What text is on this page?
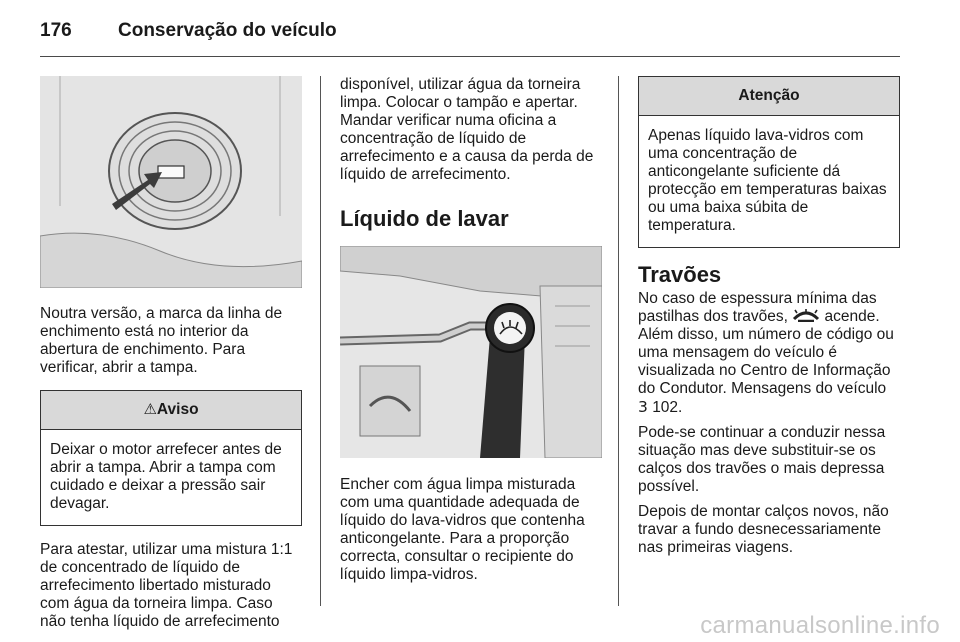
176 Conservação do veículo

Noutra versão, a marca da linha de enchimento está no interior da abertura de enchimento. Para verificar, abrir a tampa.

⚠Aviso

Deixar o motor arrefecer antes de abrir a tampa. Abrir a tampa com cuidado e deixar a pressão sair devagar.

Para atestar, utilizar uma mistura 1:1 de concentrado de líquido de arrefecimento libertado misturado com água da torneira limpa. Caso não tenha líquido de arrefecimento

disponível, utilizar água da torneira limpa. Colocar o tampão e apertar. Mandar verificar numa oficina a concentração de líquido de arrefecimento e a causa da perda de líquido de arrefecimento.

Líquido de lavar

Encher com água limpa misturada com uma quantidade adequada de líquido do lava-vidros que contenha anticongelante. Para a proporção correcta, consultar o recipiente do líquido limpa-vidros.

Atenção

Apenas líquido lava-vidros com uma concentração de anticongelante suficiente dá protecção em temperaturas baixas ou uma baixa súbita de temperatura.

Travões

No caso de espessura mínima das pastilhas dos travões, acende. Além disso, um número de código ou uma mensagem do veículo é visualizada no Centro de Informação do Condutor. Mensagens do veículo 3 102.

Pode-se continuar a conduzir nessa situação mas deve substituir-se os calços dos travões o mais depressa possível.

Depois de montar calços novos, não travar a fundo desnecessariamente nas primeiras viagens.

carmanualsonline.info
